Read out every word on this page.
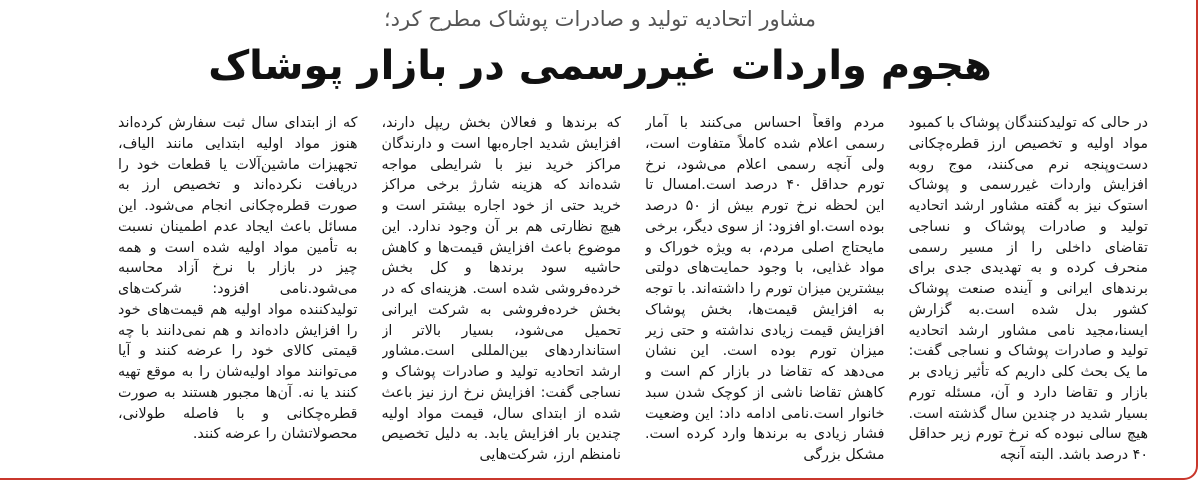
مشاور اتحادیه تولید و صادرات پوشاک مطرح کرد؛
هجوم واردات غیررسمی در بازار پوشاک
در حالی که تولیدکنندگان پوشاک با کمبود مواد اولیه و تخصیص ارز قطره‌چکانی دست‌وپنجه نرم می‌کنند، موج روبه افزایش واردات غیررسمی و پوشاک استوک نیز به گفته مشاور ارشد اتحادیه تولید و صادرات پوشاک و نساجی تقاضای داخلی را از مسیر رسمی منحرف کرده و به تهدیدی جدی برای برندهای ایرانی و آینده صنعت پوشاک کشور بدل شده است.به گزارش ایسنا،مجید نامی مشاور ارشد اتحادیه تولید و صادرات پوشاک و نساجی گفت: ما یک بحث کلی داریم که تأثیر زیادی بر بازار و تقاضا دارد و آن، مسئله تورم بسیار شدید در چندین سال گذشته است. هیچ سالی نبوده که نرخ تورم زیر حداقل ۴۰ درصد باشد. البته آنچه
مردم واقعاً احساس می‌کنند با آمار رسمی اعلام شده کاملاً متفاوت است، ولی آنچه رسمی اعلام می‌شود، نرخ تورم حداقل ۴۰ درصد است.امسال تا این لحظه نرخ تورم بیش از ۵۰ درصد بوده است.او افزود: از سوی دیگر، برخی مایحتاج اصلی مردم، به ویژه خوراک و مواد غذایی، با وجود حمایت‌های دولتی بیشترین میزان تورم را داشته‌اند. با توجه به افزایش قیمت‌ها، بخش پوشاک افزایش قیمت زیادی نداشته و حتی زیر میزان تورم بوده است. این نشان می‌دهد که تقاضا در بازار کم است و کاهش تقاضا ناشی از کوچک شدن سبد خانوار است.نامی ادامه داد: این وضعیت فشار زیادی به برندها وارد کرده است. مشکل بزرگی
که برندها و فعالان بخش ریپل دارند، افزایش شدید اجاره‌بها است و دارندگان مراکز خرید نیز با شرایطی مواجه شده‌اند که هزینه شارژ برخی مراکز خرید حتی از خود اجاره بیشتر است و هیچ نظارتی هم بر آن وجود ندارد. این موضوع باعث افزایش قیمت‌ها و کاهش حاشیه سود برندها و کل بخش خرده‌فروشی شده است. هزینه‌ای که در بخش خرده‌فروشی به شرکت ایرانی تحمیل می‌شود، بسیار بالاتر از استانداردهای بین‌المللی است.مشاور ارشد اتحادیه تولید و صادرات پوشاک و نساجی گفت: افزایش نرخ ارز نیز باعث شده از ابتدای سال، قیمت مواد اولیه چندین بار افزایش یابد. به دلیل تخصیص نامنظم ارز، شرکت‌هایی
که از ابتدای سال ثبت سفارش کرده‌اند هنوز مواد اولیه ابتدایی مانند الیاف، تجهیزات ماشین‌آلات یا قطعات خود را دریافت نکرده‌اند و تخصیص ارز به صورت قطره‌چکانی انجام می‌شود. این مسائل باعث ایجاد عدم اطمینان نسبت به تأمین مواد اولیه شده است و همه چیز در بازار با نرخ آزاد محاسبه می‌شود.نامی افزود: شرکت‌های تولیدکننده مواد اولیه هم قیمت‌های خود را افزایش داده‌اند و هم نمی‌دانند با چه قیمتی کالای خود را عرضه کنند و آیا می‌توانند مواد اولیه‌شان را به موقع تهیه کنند یا نه. آن‌ها مجبور هستند به صورت قطره‌چکانی و با فاصله طولانی، محصولاتشان را عرضه کنند.
